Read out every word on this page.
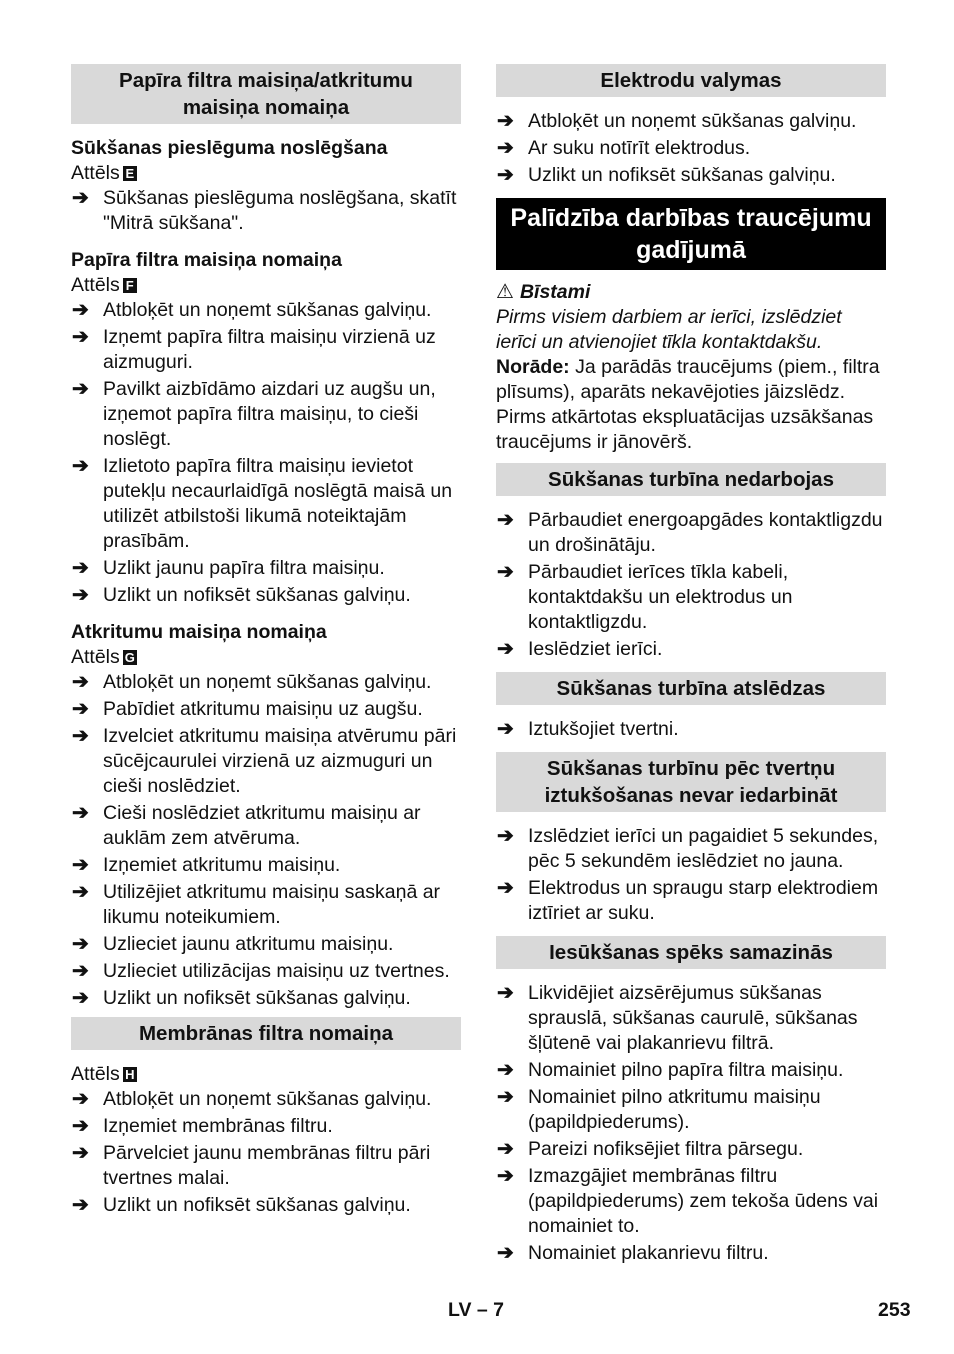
Papīra filtra maisiņa/atkritumu maisiņa nomaiņa
Sūkšanas pieslēguma noslēgšana
Attēls E
➔ Sūkšanas pieslēguma noslēgšana, skatīt "Mitrā sūkšana".
Papīra filtra maisiņa nomaiņa
Attēls F
➔ Atbloķēt un noņemt sūkšanas galviņu.
➔ Izņemt papīra filtra maisiņu virzienā uz aizmuguri.
➔ Pavilkt aizbīdāmo aizdari uz augšu un, izņemot papīra filtra maisiņu, to cieši noslēgt.
➔ Izlietoto papīra filtra maisiņu ievietot putekļu necaurlaidīgā noslēgtā maisā un utilizēt atbilstoši likumā noteiktajām prasībām.
➔ Uzlikt jaunu papīra filtra maisiņu.
➔ Uzlikt un nofiksēt sūkšanas galviņu.
Atkritumu maisiņa nomaiņa
Attēls G
➔ Atbloķēt un noņemt sūkšanas galviņu.
➔ Pabīdiet atkritumu maisiņu uz augšu.
➔ Izvelciet atkritumu maisiņa atvērumu pāri sūcējcaurulei virzienā uz aizmuguri un cieši noslēdziet.
➔ Cieši noslēdziet atkritumu maisiņu ar auklām zem atvēruma.
➔ Izņemiet atkritumu maisiņu.
➔ Utilizējiet atkritumu maisiņu saskaņā ar likumu noteikumiem.
➔ Uzlieciet jaunu atkritumu maisiņu.
➔ Uzlieciet utilizācijas maisiņu uz tvertnes.
➔ Uzlikt un nofiksēt sūkšanas galviņu.
Membrānas filtra nomaiņa
Attēls H
➔ Atbloķēt un noņemt sūkšanas galviņu.
➔ Izņemiet membrānas filtru.
➔ Pārvelciet jaunu membrānas filtru pāri tvertnes malai.
➔ Uzlikt un nofiksēt sūkšanas galviņu.
Elektrodu valymas
➔ Atbloķēt un noņemt sūkšanas galviņu.
➔ Ar suku notīrīt elektrodus.
➔ Uzlikt un nofiksēt sūkšanas galviņu.
Palīdzība darbības traucējumu gadījumā
⚠ Bīstami
Pirms visiem darbiem ar ierīci, izslēdziet ierīci un atvienojiet tīkla kontaktdakšu.
Norāde: Ja parādās traucējums (piem., filtra plīsums), aparāts nekavējoties jāizslēdz. Pirms atkārtotas ekspluatācijas uzsākšanas traucējums ir jānovērš.
Sūkšanas turbīna nedarbojas
➔ Pārbaudiet energoapgādes kontaktligzdu un drošinātāju.
➔ Pārbaudiet ierīces tīkla kabeli, kontaktdakšu un elektrodus un kontaktligzdu.
➔ Ieslēdziet ierīci.
Sūkšanas turbīna atslēdzas
➔ Iztukšojiet tvertni.
Sūkšanas turbīnu pēc tvertņu iztukšošanas nevar iedarbināt
➔ Izslēdziet ierīci un pagaidiet 5 sekundes, pēc 5 sekundēm ieslēdziet no jauna.
➔ Elektrodus un spraugu starp elektrodiem iztīriet ar suku.
Iesūkšanas spēks samazinās
➔ Likvidējiet aizsērējumus sūkšanas sprauslā, sūkšanas caurulē, sūkšanas šļūtenē vai plakanrievu filtrā.
➔ Nomainiet pilno papīra filtra maisiņu.
➔ Nomainiet pilno atkritumu maisiņu (papildpiederums).
➔ Pareizi nofiksējiet filtra pārsegu.
➔ Izmazgājiet membrānas filtru (papildpiederums) zem tekoša ūdens vai nomainiet to.
➔ Nomainiet plakanrievu filtru.
LV – 7	253
